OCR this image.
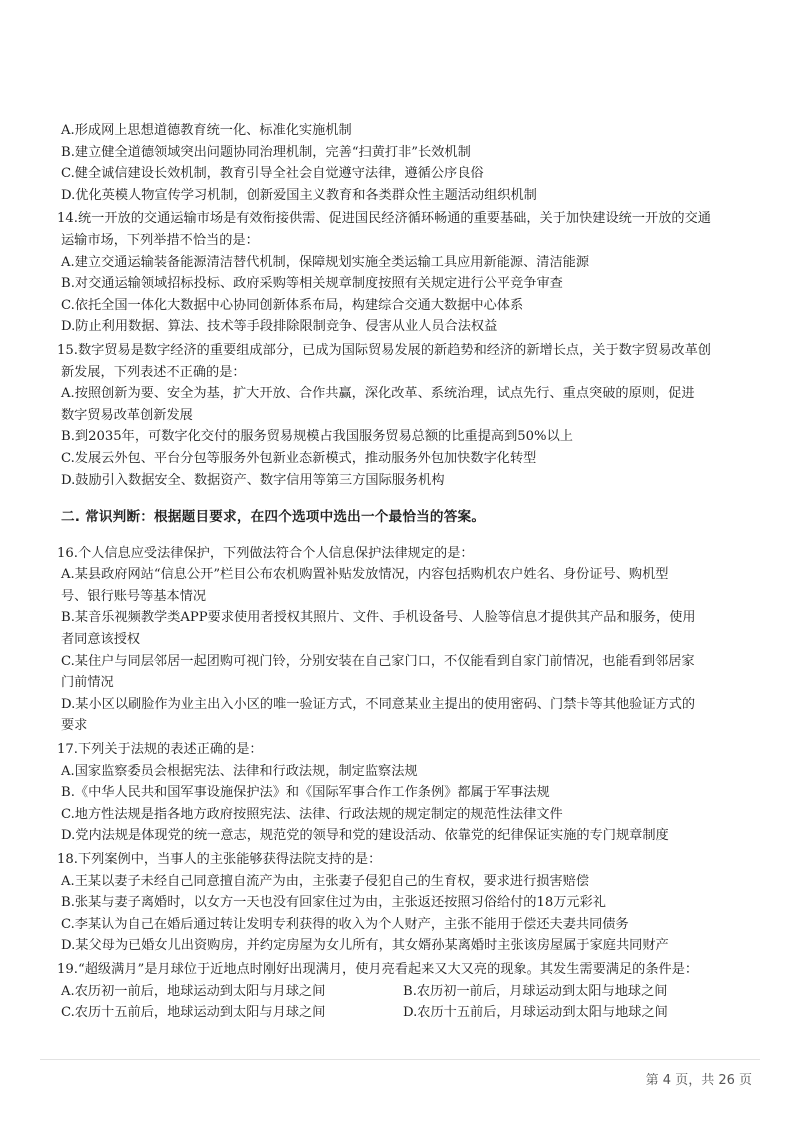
A.形成网上思想道德教育统一化、标准化实施机制
B.建立健全道德领域突出问题协同治理机制，完善“扫黄打非”长效机制
C.健全诚信建设长效机制，教育引导全社会自觉遵守法律，遵循公序良俗
D.优化英模人物宣传学习机制，创新爱国主义教育和各类群众性主题活动组织机制
14.统一开放的交通运输市场是有效衔接供需、促进国民经济循环畅通的重要基础，关于加快建设统一开放的交通
运输市场，下列举措不恰当的是：
A.建立交通运输装备能源清洁替代机制，保障规划实施全类运输工具应用新能源、清洁能源
B.对交通运输领域招标投标、政府采购等相关规章制度按照有关规定进行公平竞争审查
C.依托全国一体化大数据中心协同创新体系布局，构建综合交通大数据中心体系
D.防止利用数据、算法、技术等手段排除限制竞争、侵害从业人员合法权益
15.数字贸易是数字经济的重要组成部分，已成为国际贸易发展的新趋势和经济的新增长点，关于数字贸易改革创
新发展，下列表述不正确的是：
A.按照创新为要、安全为基，扩大开放、合作共赢，深化改革、系统治理，试点先行、重点突破的原则，促进
数字贸易改革创新发展
B.到2035年，可数字化交付的服务贸易规模占我国服务贸易总额的比重提高到50%以上
C.发展云外包、平台分包等服务外包新业态新模式，推动服务外包加快数字化转型
D.鼓励引入数据安全、数据资产、数字信用等第三方国际服务机构
二. 常识判断：根据题目要求，在四个选项中选出一个最恰当的答案。
16.个人信息应受法律保护，下列做法符合个人信息保护法律规定的是：
A.某县政府网站“信息公开”栏目公布农机购置补贴发放情况，内容包括购机农户姓名、身份证号、购机型
号、银行账号等基本情况
B.某音乐视频教学类APP要求使用者授权其照片、文件、手机设备号、人脸等信息才提供其产品和服务，使用
者同意该授权
C.某住户与同层邻居一起团购可视门铃，分别安装在自己家门口，不仅能看到自家门前情况，也能看到邻居家
门前情况
D.某小区以刷脸作为业主出入小区的唯一验证方式，不同意某业主提出的使用密码、门禁卡等其他验证方式的
要求
17.下列关于法规的表述正确的是：
A.国家监察委员会根据宪法、法律和行政法规，制定监察法规
B.《中华人民共和国军事设施保护法》和《国际军事合作工作条例》都属于军事法规
C.地方性法规是指各地方政府按照宪法、法律、行政法规的规定制定的规范性法律文件
D.党内法规是体现党的统一意志，规范党的领导和党的建设活动、依靠党的纪律保证实施的专门规章制度
18.下列案例中，当事人的主张能够获得法院支持的是：
A.王某以妻子未经自己同意擅自流产为由，主张妻子侵犯自己的生育权，要求进行损害赔偿
B.张某与妻子离婚时，以女方一天也没有回家住过为由，主张返还按照习俗给付的18万元彩礼
C.李某认为自己在婚后通过转让发明专利获得的收入为个人财产，主张不能用于偿还夫妻共同债务
D.某父母为已婚女儿出资购房，并约定房屋为女儿所有，其女婿孙某离婚时主张该房屋属于家庭共同财产
19.“超级满月”是月球位于近地点时刚好出现满月，使月亮看起来又大又亮的现象。其发生需要满足的条件是：
A.农历初一前后，地球运动到太阳与月球之间	B.农历初一前后，月球运动到太阳与地球之间
C.农历十五前后，地球运动到太阳与月球之间	D.农历十五前后，月球运动到太阳与地球之间
第 4 页，共 26 页
